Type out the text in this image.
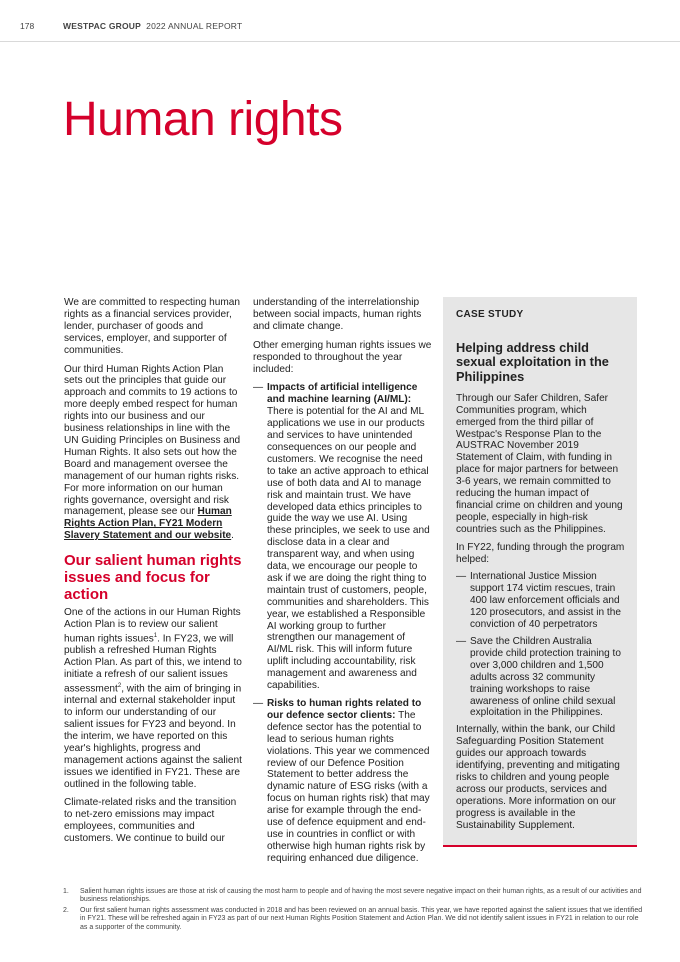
178	WESTPAC GROUP 2022 ANNUAL REPORT
Human rights

We are committed to respecting human rights as a financial services provider, lender, purchaser of goods and services, employer, and supporter of communities.

Our third Human Rights Action Plan sets out the principles that guide our approach and commits to 19 actions to more deeply embed respect for human rights into our business and our business relationships in line with the UN Guiding Principles on Business and Human Rights. It also sets out how the Board and management oversee the management of our human rights risks. For more information on our human rights governance, oversight and risk management, please see our Human Rights Action Plan, FY21 Modern Slavery Statement and our website.

Our salient human rights issues and focus for action

One of the actions in our Human Rights Action Plan is to review our salient human rights issues$^1$. In FY23, we will publish a refreshed Human Rights Action Plan. As part of this, we intend to initiate a refresh of our salient issues assessment$^2$, with the aim of bringing in internal and external stakeholder input to inform our understanding of our salient issues for FY23 and beyond. In the interim, we have reported on this year's highlights, progress and management actions against the salient issues we identified in FY21. These are outlined in the following table.

Climate-related risks and the transition to net-zero emissions may impact employees, communities and customers. We continue to build our

understanding of the interrelationship between social impacts, human rights and climate change.

Other emerging human rights issues we responded to throughout the year included:

— Impacts of artificial intelligence and machine learning (AI/ML): There is potential for the AI and ML applications we use in our products and services to have unintended consequences on our people and customers. We recognise the need to take an active approach to ethical use of both data and AI to manage risk and maintain trust. We have developed data ethics principles to guide the way we use AI. Using these principles, we seek to use and disclose data in a clear and transparent way, and when using data, we encourage our people to ask if we are doing the right thing to maintain trust of customers, people, communities and shareholders. This year, we established a Responsible AI working group to further strengthen our management of AI/ML risk. This will inform future uplift including accountability, risk management and awareness and capabilities.
— Risks to human rights related to our defence sector clients: The defence sector has the potential to lead to serious human rights violations. This year we commenced review of our Defence Position Statement to better address the dynamic nature of ESG risks (with a focus on human rights risk) that may arise for example through the end-use of defence equipment and end-use in countries in conflict or with otherwise high human rights risk by requiring enhanced due diligence.
CASE STUDY
Helping address child sexual exploitation in the Philippines

Through our Safer Children, Safer Communities program, which emerged from the third pillar of Westpac's Response Plan to the AUSTRAC November 2019 Statement of Claim, with funding in place for major partners for between 3-6 years, we remain committed to reducing the human impact of financial crime on children and young people, especially in high-risk countries such as the Philippines.

In FY22, funding through the program helped:

— International Justice Mission support 174 victim rescues, train 400 law enforcement officials and 120 prosecutors, and assist in the conviction of 40 perpetrators
— Save the Children Australia provide child protection training to over 3,000 children and 1,500 adults across 32 community training workshops to raise awareness of online child sexual exploitation in the Philippines.

Internally, within the bank, our Child Safeguarding Position Statement guides our approach towards identifying, preventing and mitigating risks to children and young people across our products, services and operations. More information on our progress is available in the Sustainability Supplement.

1.	Salient human rights issues are those at risk of causing the most harm to people and of having the most severe negative impact on their human rights, as a result of our activities and business relationships.
2.	Our first salient human rights assessment was conducted in 2018 and has been reviewed on an annual basis. This year, we have reported against the salient issues that we identified in FY21. These will be refreshed again in FY23 as part of our next Human Rights Position Statement and Action Plan. We did not identify salient issues in FY21 in relation to our role as a supporter of the community.
